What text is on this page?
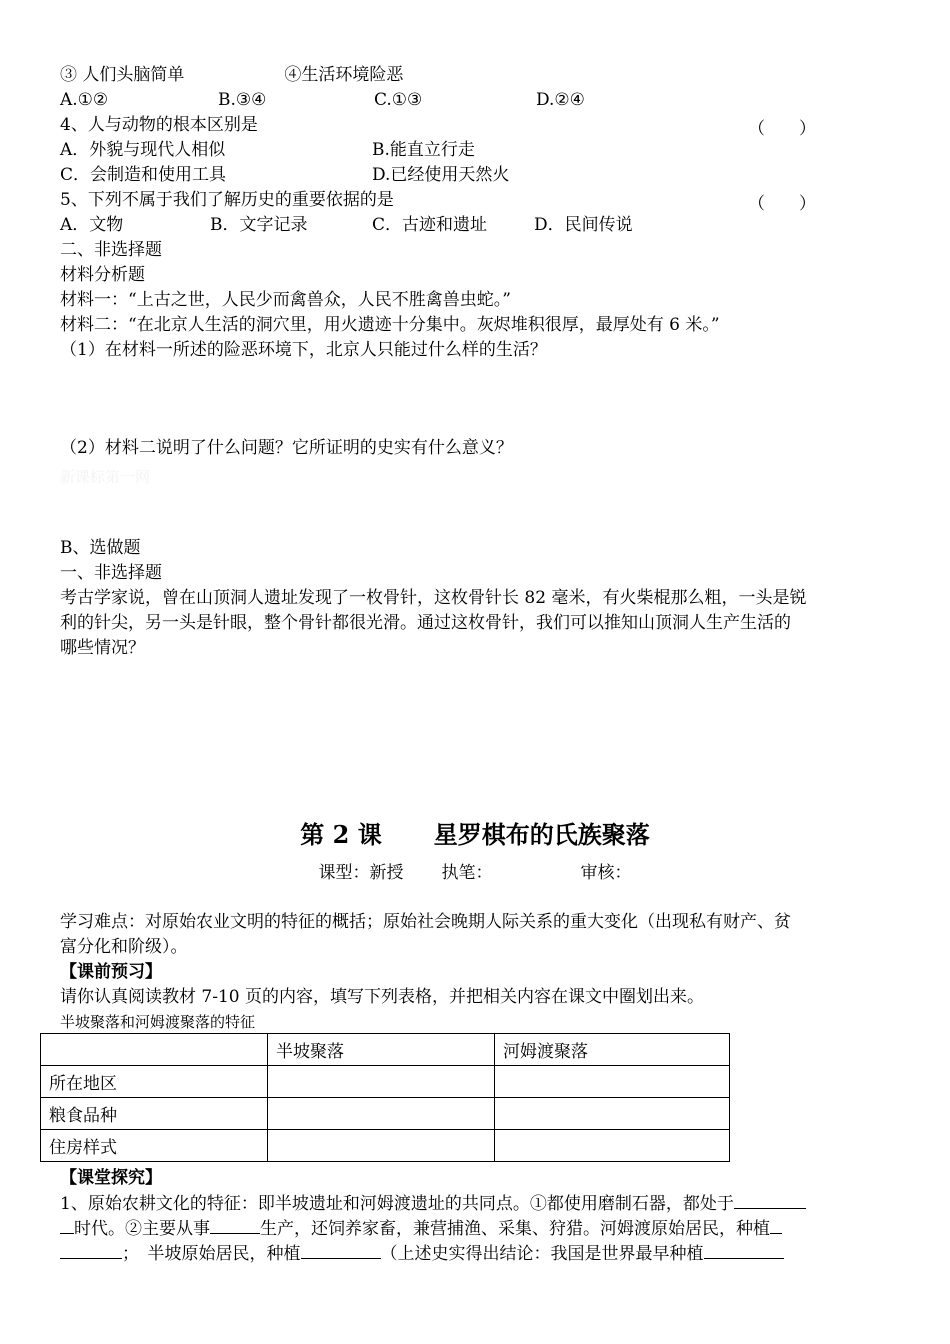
③ 人们头脑简单	④生活环境险恶
A.①②	B.③④	C.①③	D.②④
4、人与动物的根本区别是	（　　）
A．外貌与现代人相似	B.能直立行走
C．会制造和使用工具	D.已经使用天然火
5、下列不属于我们了解历史的重要依据的是	（　　）
A．文物	B．文字记录	C．古迹和遗址	D．民间传说
二、非选择题
材料分析题
材料一：“上古之世，人民少而禽兽众，人民不胜禽兽虫蛇。”
材料二：“在北京人生活的洞穴里，用火遗迹十分集中。灰烬堆积很厚，最厚处有 6 米。”
（1）在材料一所述的险恶环境下，北京人只能过什么样的生活？
（2）材料二说明了什么问题？它所证明的史实有什么意义？
新课标第一网
B、选做题
一、非选择题
考古学家说，曾在山顶洞人遗址发现了一枚骨针，这枚骨针长 82 毫米，有火柴棍那么粗，一头是锐
利的针尖，另一头是针眼，整个骨针都很光滑。通过这枚骨针，我们可以推知山顶洞人生产生活的
哪些情况？
第 2 课 星罗棋布的氏族聚落
课型：新授 执笔：	审核：
学习难点：对原始农业文明的特征的概括；原始社会晚期人际关系的重大变化（出现私有财产、贫
富分化和阶级）。
【课前预习】
请你认真阅读教材 7-10 页的内容，填写下列表格，并把相关内容在课文中圈划出来。
半坡聚落和河姆渡聚落的特征
	半坡聚落	河姆渡聚落
所在地区		
粮食品种		
住房样式		
【课堂探究】
1、原始农耕文化的特征：即半坡遗址和河姆渡遗址的共同点。①都使用磨制石器，都处于
时代。②主要从事	生产，还饲养家畜，兼营捕渔、采集、狩猎。河姆渡原始居民，种植
；　半坡原始居民，种植	（上述史实得出结论：我国是世界最早种植
